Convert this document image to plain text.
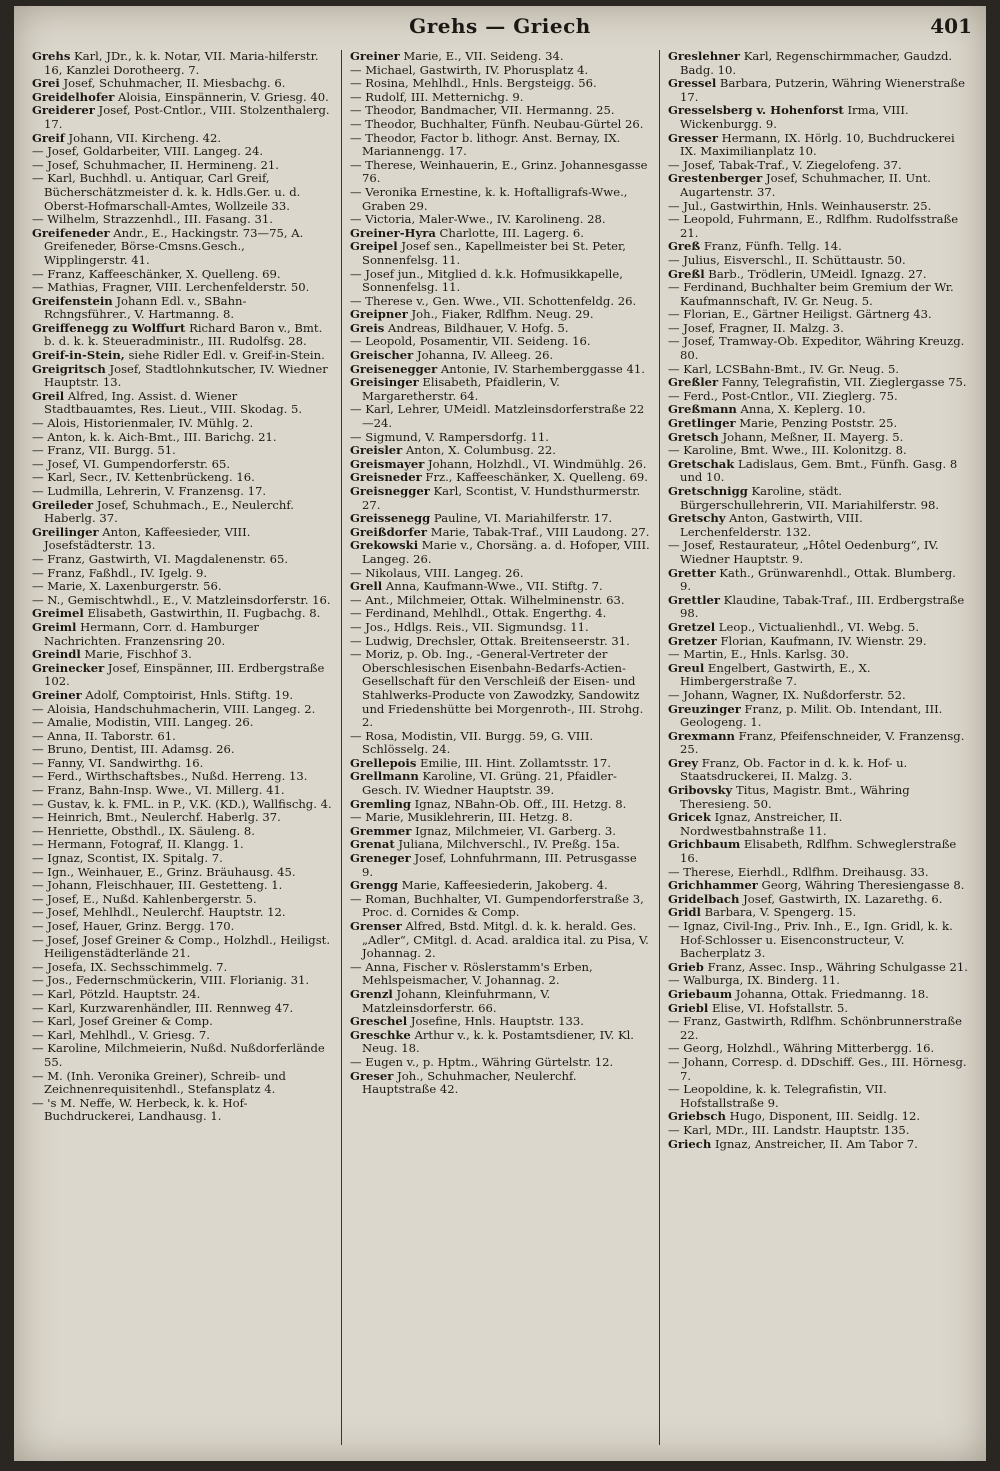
Grehs — Griech	401

Grehs Karl, JDr., k. k. Notar, VII. Maria-hilferstr. 16, Kanzlei Dorotheerg. 7.

Grei Josef, Schuhmacher, II. Miesbachg. 6.

Greidelhofer Aloisia, Einspännerin, V. Griesg. 40.

Greiderer Josef, Post-Cntlor., VIII. Stolzenthalerg. 17.

Greif Johann, VII. Kircheng. 42.

— Josef, Goldarbeiter, VIII. Langeg. 24.

— Josef, Schuhmacher, II. Hermineng. 21.

— Karl, Buchhdl. u. Antiquar, Carl Greif, Bücherschätzmeister d. k. k. Hdls.Ger. u. d. Oberst-Hofmarschall-Amtes, Wollzeile 33.

— Wilhelm, Strazzenhdl., III. Fasang. 31.

Greifeneder Andr., E., Hackingstr. 73—75, A. Greifeneder, Börse-Cmsns.Gesch., Wipplingerstr. 41.

— Franz, Kaffeeschänker, X. Quelleng. 69.

— Mathias, Fragner, VIII. Lerchenfelderstr. 50.

Greifenstein Johann Edl. v., SBahn-Rchngsführer., V. Hartmanng. 8.

Greiffenegg zu Wolffurt Richard Baron v., Bmt. b. d. k. k. Steueradministr., III. Rudolfsg. 28.

Greif-in-Stein, siehe Ridler Edl. v. Greif-in-Stein.

Greigritsch Josef, Stadtlohnkutscher, IV. Wiedner Hauptstr. 13.

Greil Alfred, Ing. Assist. d. Wiener Stadtbauamtes, Res. Lieut., VIII. Skodag. 5.

— Alois, Historienmaler, IV. Mühlg. 2.

— Anton, k. k. Aich-Bmt., III. Barichg. 21.

— Franz, VII. Burgg. 51.

— Josef, VI. Gumpendorferstr. 65.

— Karl, Secr., IV. Kettenbrückeng. 16.

— Ludmilla, Lehrerin, V. Franzensg. 17.

Greileder Josef, Schuhmach., E., Neulerchf. Haberlg. 37.

Greilinger Anton, Kaffeesieder, VIII. Josefstädterstr. 13.

— Franz, Gastwirth, VI. Magdalenenstr. 65.

— Franz, Faßhdl., IV. Igelg. 9.

— Marie, X. Laxenburgerstr. 56.

— N., Gemischtwhdl., E., V. Matzleinsdorferstr. 16.

Greimel Elisabeth, Gastwirthin, II. Fugbachg. 8.

Greiml Hermann, Corr. d. Hamburger Nachrichten. Franzensring 20.

Greindl Marie, Fischhof 3.

Greinecker Josef, Einspänner, III. Erdbergstraße 102.

Greiner Adolf, Comptoirist, Hnls. Stiftg. 19.

— Aloisia, Handschuhmacherin, VIII. Langeg. 2.

— Amalie, Modistin, VIII. Langeg. 26.

— Anna, II. Taborstr. 61.

— Bruno, Dentist, III. Adamsg. 26.

— Fanny, VI. Sandwirthg. 16.

— Ferd., Wirthschaftsbes., Nußd. Herreng. 13.

— Franz, Bahn-Insp. Wwe., VI. Millerg. 41.

— Gustav, k. k. FML. in P., V.K. (KD.), Wallfischg. 4.

— Heinrich, Bmt., Neulerchf. Haberlg. 37.

— Henriette, Obsthdl., IX. Säuleng. 8.

— Hermann, Fotograf, II. Klangg. 1.

— Ignaz, Scontist, IX. Spitalg. 7.

— Ign., Weinhauer, E., Grinz. Bräuhausg. 45.

— Johann, Fleischhauer, III. Gestetteng. 1.

— Josef, E., Nußd. Kahlenbergerstr. 5.

— Josef, Mehlhdl., Neulerchf. Hauptstr. 12.

— Josef, Hauer, Grinz. Bergg. 170.

— Josef, Josef Greiner & Comp., Holzhdl., Heiligst. Heiligenstädterlände 21.

— Josefa, IX. Sechsschimmelg. 7.

— Jos., Federnschmückerin, VIII. Florianig. 31.

— Karl, Pötzld. Hauptstr. 24.

— Karl, Kurzwarenhändler, III. Rennweg 47.

— Karl, Josef Greiner & Comp.

— Karl, Mehlhdl., V. Griesg. 7.

— Karoline, Milchmeierin, Nußd. Nußdorferlände 55.

— M. (Inh. Veronika Greiner), Schreib- und Zeichnenrequisitenhdl., Stefansplatz 4.

— 's M. Neffe, W. Herbeck, k. k. Hof-Buchdruckerei, Landhausg. 1.

Greiner Marie, E., VII. Seideng. 34.

— Michael, Gastwirth, IV. Phorusplatz 4.

— Rosina, Mehlhdl., Hnls. Bergsteigg. 56.

— Rudolf, III. Metternichg. 9.

— Theodor, Bandmacher, VII. Hermanng. 25.

— Theodor, Buchhalter, Fünfh. Neubau-Gürtel 26.

— Theodor, Factor b. lithogr. Anst. Bernay, IX. Mariannengg. 17.

— Therese, Weinhauerin, E., Grinz. Johannesgasse 76.

— Veronika Ernestine, k. k. Hoftalligrafs-Wwe., Graben 29.

— Victoria, Maler-Wwe., IV. Karolineng. 28.

Greiner-Hyra Charlotte, III. Lagerg. 6.

Greipel Josef sen., Kapellmeister bei St. Peter, Sonnenfelsg. 11.

— Josef jun., Mitglied d. k.k. Hofmusikkapelle, Sonnenfelsg. 11.

— Therese v., Gen. Wwe., VII. Schottenfeldg. 26.

Greipner Joh., Fiaker, Rdlfhm. Neug. 29.

Greis Andreas, Bildhauer, V. Hofg. 5.

— Leopold, Posamentir, VII. Seideng. 16.

Greischer Johanna, IV. Alleeg. 26.

Greisenegger Antonie, IV. Starhemberggasse 41.

Greisinger Elisabeth, Pfaidlerin, V. Margaretherstr. 64.

— Karl, Lehrer, UMeidl. Matzleinsdorferstraße 22—24.

— Sigmund, V. Rampersdorfg. 11.

Greisler Anton, X. Columbusg. 22.

Greismayer Johann, Holzhdl., VI. Windmühlg. 26.

Greisneder Frz., Kaffeeschänker, X. Quelleng. 69.

Greisnegger Karl, Scontist, V. Hundsthurmerstr. 27.

Greissenegg Pauline, VI. Mariahilferstr. 17.

Greißdorfer Marie, Tabak-Traf., VIII Laudong. 27.

Grekowski Marie v., Chorsäng. a. d. Hofoper, VIII. Langeg. 26.

— Nikolaus, VIII. Langeg. 26.

Grell Anna, Kaufmann-Wwe., VII. Stiftg. 7.

— Ant., Milchmeier, Ottak. Wilhelminenstr. 63.

— Ferdinand, Mehlhdl., Ottak. Engerthg. 4.

— Jos., Hdlgs. Reis., VII. Sigmundsg. 11.

— Ludwig, Drechsler, Ottak. Breitenseerstr. 31.

— Moriz, p. Ob. Ing., -General-Vertreter der Oberschlesischen Eisenbahn-Bedarfs-Actien-Gesellschaft für den Verschleiß der Eisen- und Stahlwerks-Producte von Zawodzky, Sandowitz und Friedenshütte bei Morgenroth-, III. Strohg. 2.

— Rosa, Modistin, VII. Burgg. 59, G. VIII. Schlösselg. 24.

Grellepois Emilie, III. Hint. Zollamtsstr. 17.

Grellmann Karoline, VI. Grüng. 21, Pfaidler-Gesch. IV. Wiedner Hauptstr. 39.

Gremling Ignaz, NBahn-Ob. Off., III. Hetzg. 8.

— Marie, Musiklehrerin, III. Hetzg. 8.

Gremmer Ignaz, Milchmeier, VI. Garberg. 3.

Grenat Juliana, Milchverschl., IV. Preßg. 15a.

Greneger Josef, Lohnfuhrmann, III. Petrusgasse 9.

Grengg Marie, Kaffeesiederin, Jakoberg. 4.

— Roman, Buchhalter, VI. Gumpendorferstraße 3, Proc. d. Cornides & Comp.

Grenser Alfred, Bstd. Mitgl. d. k. k. herald. Ges. „Adler“, CMitgl. d. Acad. araldica ital. zu Pisa, V. Johannag. 2.

— Anna, Fischer v. Röslerstamm's Erben, Mehlspeismacher, V. Johannag. 2.

Grenzl Johann, Kleinfuhrmann, V. Matzleinsdorferstr. 66.

Greschel Josefine, Hnls. Hauptstr. 133.

Greschke Arthur v., k. k. Postamtsdiener, IV. Kl. Neug. 18.

— Eugen v., p. Hptm., Währing Gürtelstr. 12.

Greser Joh., Schuhmacher, Neulerchf. Hauptstraße 42.

Greslehner Karl, Regenschirmmacher, Gaudzd. Badg. 10.

Gressel Barbara, Putzerin, Währing Wienerstraße 17.

Gresselsberg v. Hohenforst Irma, VIII. Wickenburgg. 9.

Gresser Hermann, IX. Hörlg. 10, Buchdruckerei IX. Maximilianplatz 10.

— Josef, Tabak-Traf., V. Ziegelofeng. 37.

Grestenberger Josef, Schuhmacher, II. Unt. Augartenstr. 37.

— Jul., Gastwirthin, Hnls. Weinhauserstr. 25.

— Leopold, Fuhrmann, E., Rdlfhm. Rudolfsstraße 21.

Greß Franz, Fünfh. Tellg. 14.

— Julius, Eisverschl., II. Schüttaustr. 50.

Greßl Barb., Trödlerin, UMeidl. Ignazg. 27.

— Ferdinand, Buchhalter beim Gremium der Wr. Kaufmannschaft, IV. Gr. Neug. 5.

— Florian, E., Gärtner Heiligst. Gärtnerg 43.

— Josef, Fragner, II. Malzg. 3.

— Josef, Tramway-Ob. Expeditor, Währing Kreuzg. 80.

— Karl, LCSBahn-Bmt., IV. Gr. Neug. 5.

Greßler Fanny, Telegrafistin, VII. Zieglergasse 75.

— Ferd., Post-Cntlor., VII. Zieglerg. 75.

Greßmann Anna, X. Keplerg. 10.

Gretlinger Marie, Penzing Poststr. 25.

Gretsch Johann, Meßner, II. Mayerg. 5.

— Karoline, Bmt. Wwe., III. Kolonitzg. 8.

Gretschak Ladislaus, Gem. Bmt., Fünfh. Gasg. 8 und 10.

Gretschnigg Karoline, städt. Bürgerschullehrerin, VII. Mariahilferstr. 98.

Gretschy Anton, Gastwirth, VIII. Lerchenfelderstr. 132.

— Josef, Restaurateur, „Hôtel Oedenburg“, IV. Wiedner Hauptstr. 9.

Gretter Kath., Grünwarenhdl., Ottak. Blumberg. 9.

Grettler Klaudine, Tabak-Traf., III. Erdbergstraße 98.

Gretzel Leop., Victualienhdl., VI. Webg. 5.

Gretzer Florian, Kaufmann, IV. Wienstr. 29.

— Martin, E., Hnls. Karlsg. 30.

Greul Engelbert, Gastwirth, E., X. Himbergerstraße 7.

— Johann, Wagner, IX. Nußdorferstr. 52.

Greuzinger Franz, p. Milit. Ob. Intendant, III. Geologeng. 1.

Grexmann Franz, Pfeifenschneider, V. Franzensg. 25.

Grey Franz, Ob. Factor in d. k. k. Hof- u. Staatsdruckerei, II. Malzg. 3.

Gribovsky Titus, Magistr. Bmt., Währing Theresieng. 50.

Gricek Ignaz, Anstreicher, II. Nordwestbahnstraße 11.

Grichbaum Elisabeth, Rdlfhm. Schweglerstraße 16.

— Therese, Eierhdl., Rdlfhm. Dreihausg. 33.

Grichhammer Georg, Währing Theresiengasse 8.

Gridelbach Josef, Gastwirth, IX. Lazarethg. 6.

Gridl Barbara, V. Spengerg. 15.

— Ignaz, Civil-Ing., Priv. Inh., E., Ign. Gridl, k. k. Hof-Schlosser u. Eisenconstructeur, V. Bacherplatz 3.

Grieb Franz, Assec. Insp., Währing Schulgasse 21.

— Walburga, IX. Binderg. 11.

Griebaum Johanna, Ottak. Friedmanng. 18.

Griebl Elise, VI. Hofstallstr. 5.

— Franz, Gastwirth, Rdlfhm. Schönbrunnerstraße 22.

— Georg, Holzhdl., Währing Mitterbergg. 16.

— Johann, Corresp. d. DDschiff. Ges., III. Hörnesg. 7.

— Leopoldine, k. k. Telegrafistin, VII. Hofstallstraße 9.

Griebsch Hugo, Disponent, III. Seidlg. 12.

— Karl, MDr., III. Landstr. Hauptstr. 135.

Griech Ignaz, Anstreicher, II. Am Tabor 7.
